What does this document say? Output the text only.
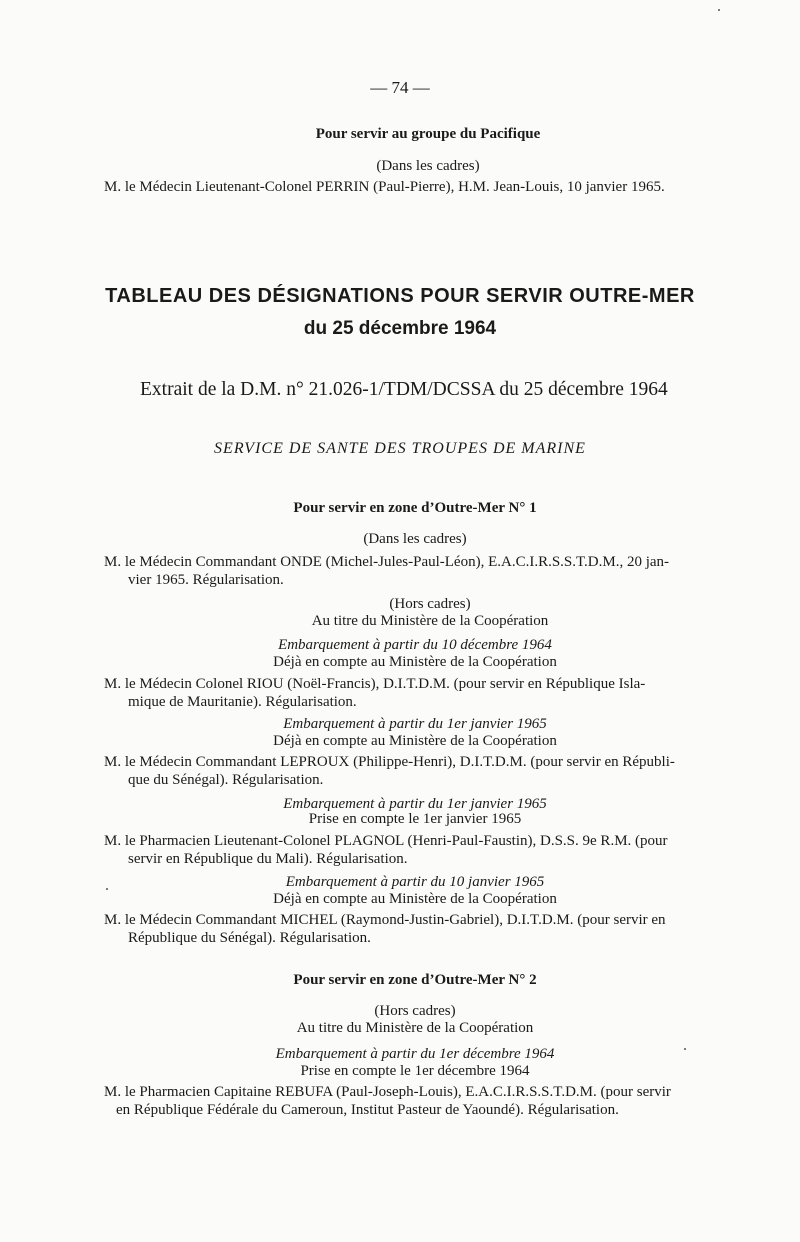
— 74 —
Pour servir au groupe du Pacifique
(Dans les cadres)
M. le Médecin Lieutenant-Colonel PERRIN (Paul-Pierre), H.M. Jean-Louis, 10 janvier 1965.
TABLEAU DES DÉSIGNATIONS POUR SERVIR OUTRE-MER
du 25 décembre 1964
Extrait de la D.M. n° 21.026-1/TDM/DCSSA du 25 décembre 1964
SERVICE DE SANTE DES TROUPES DE MARINE
Pour servir en zone d’Outre-Mer N° 1
(Dans les cadres)
M. le Médecin Commandant ONDE (Michel-Jules-Paul-Léon), E.A.C.I.R.S.S.T.D.M., 20 jan-
vier 1965. Régularisation.
(Hors cadres)
Au titre du Ministère de la Coopération
Embarquement à partir du 10 décembre 1964
Déjà en compte au Ministère de la Coopération
M. le Médecin Colonel RIOU (Noël-Francis), D.I.T.D.M. (pour servir en République Isla-
mique de Mauritanie). Régularisation.
Embarquement à partir du 1er janvier 1965
Déjà en compte au Ministère de la Coopération
M. le Médecin Commandant LEPROUX (Philippe-Henri), D.I.T.D.M. (pour servir en Républi-
que du Sénégal). Régularisation.
Embarquement à partir du 1er janvier 1965
Prise en compte le 1er janvier 1965
M. le Pharmacien Lieutenant-Colonel PLAGNOL (Henri-Paul-Faustin), D.S.S. 9e R.M. (pour
servir en République du Mali). Régularisation.
Embarquement à partir du 10 janvier 1965
Déjà en compte au Ministère de la Coopération
M. le Médecin Commandant MICHEL (Raymond-Justin-Gabriel), D.I.T.D.M. (pour servir en
République du Sénégal). Régularisation.
Pour servir en zone d’Outre-Mer N° 2
(Hors cadres)
Au titre du Ministère de la Coopération
Embarquement à partir du 1er décembre 1964
Prise en compte le 1er décembre 1964
M. le Pharmacien Capitaine REBUFA (Paul-Joseph-Louis), E.A.C.I.R.S.S.T.D.M. (pour servir
en République Fédérale du Cameroun, Institut Pasteur de Yaoundé). Régularisation.
